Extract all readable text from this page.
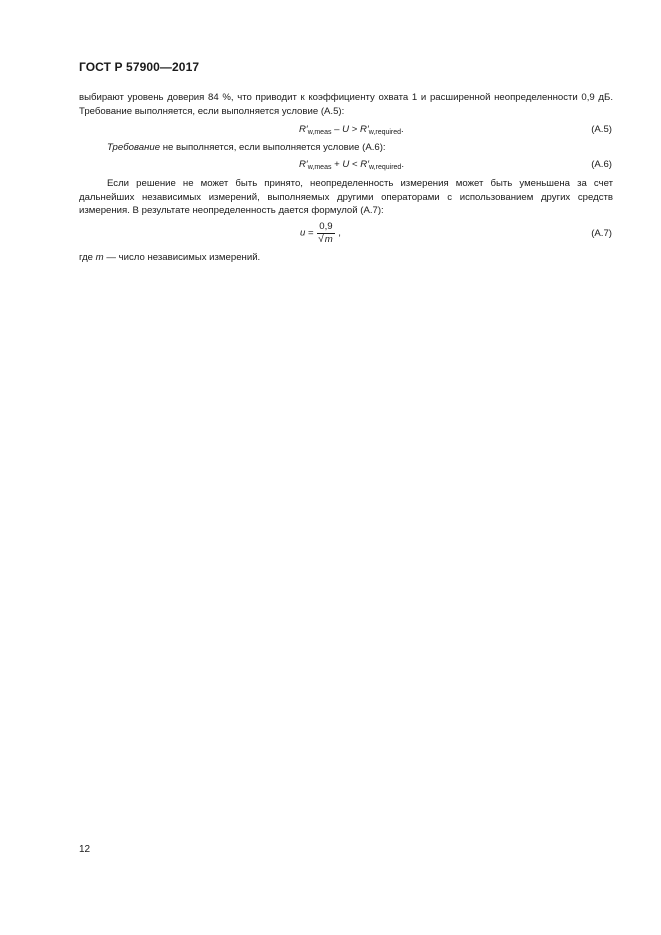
ГОСТ Р 57900—2017
выбирают уровень доверия 84 %, что приводит к коэффициенту охвата 1 и расширенной неопределенности 0,9 дБ. Требование выполняется, если выполняется условие (А.5):
$R'_{w,meas} - U > R'_{w,required}$.	(А.5)
Требование не выполняется, если выполняется условие (А.6):
$R'_{w,meas} + U < R'_{w,required}$.	(А.6)
Если решение не может быть принято, неопределенность измерения может быть уменьшена за счет дальнейших независимых измерений, выполняемых другими операторами с использованием других средств измерения. В результате неопределенность дается формулой (А.7):
$u = \frac{0,9}{√m}$ ,	(А.7)
где m — число независимых измерений.
12
